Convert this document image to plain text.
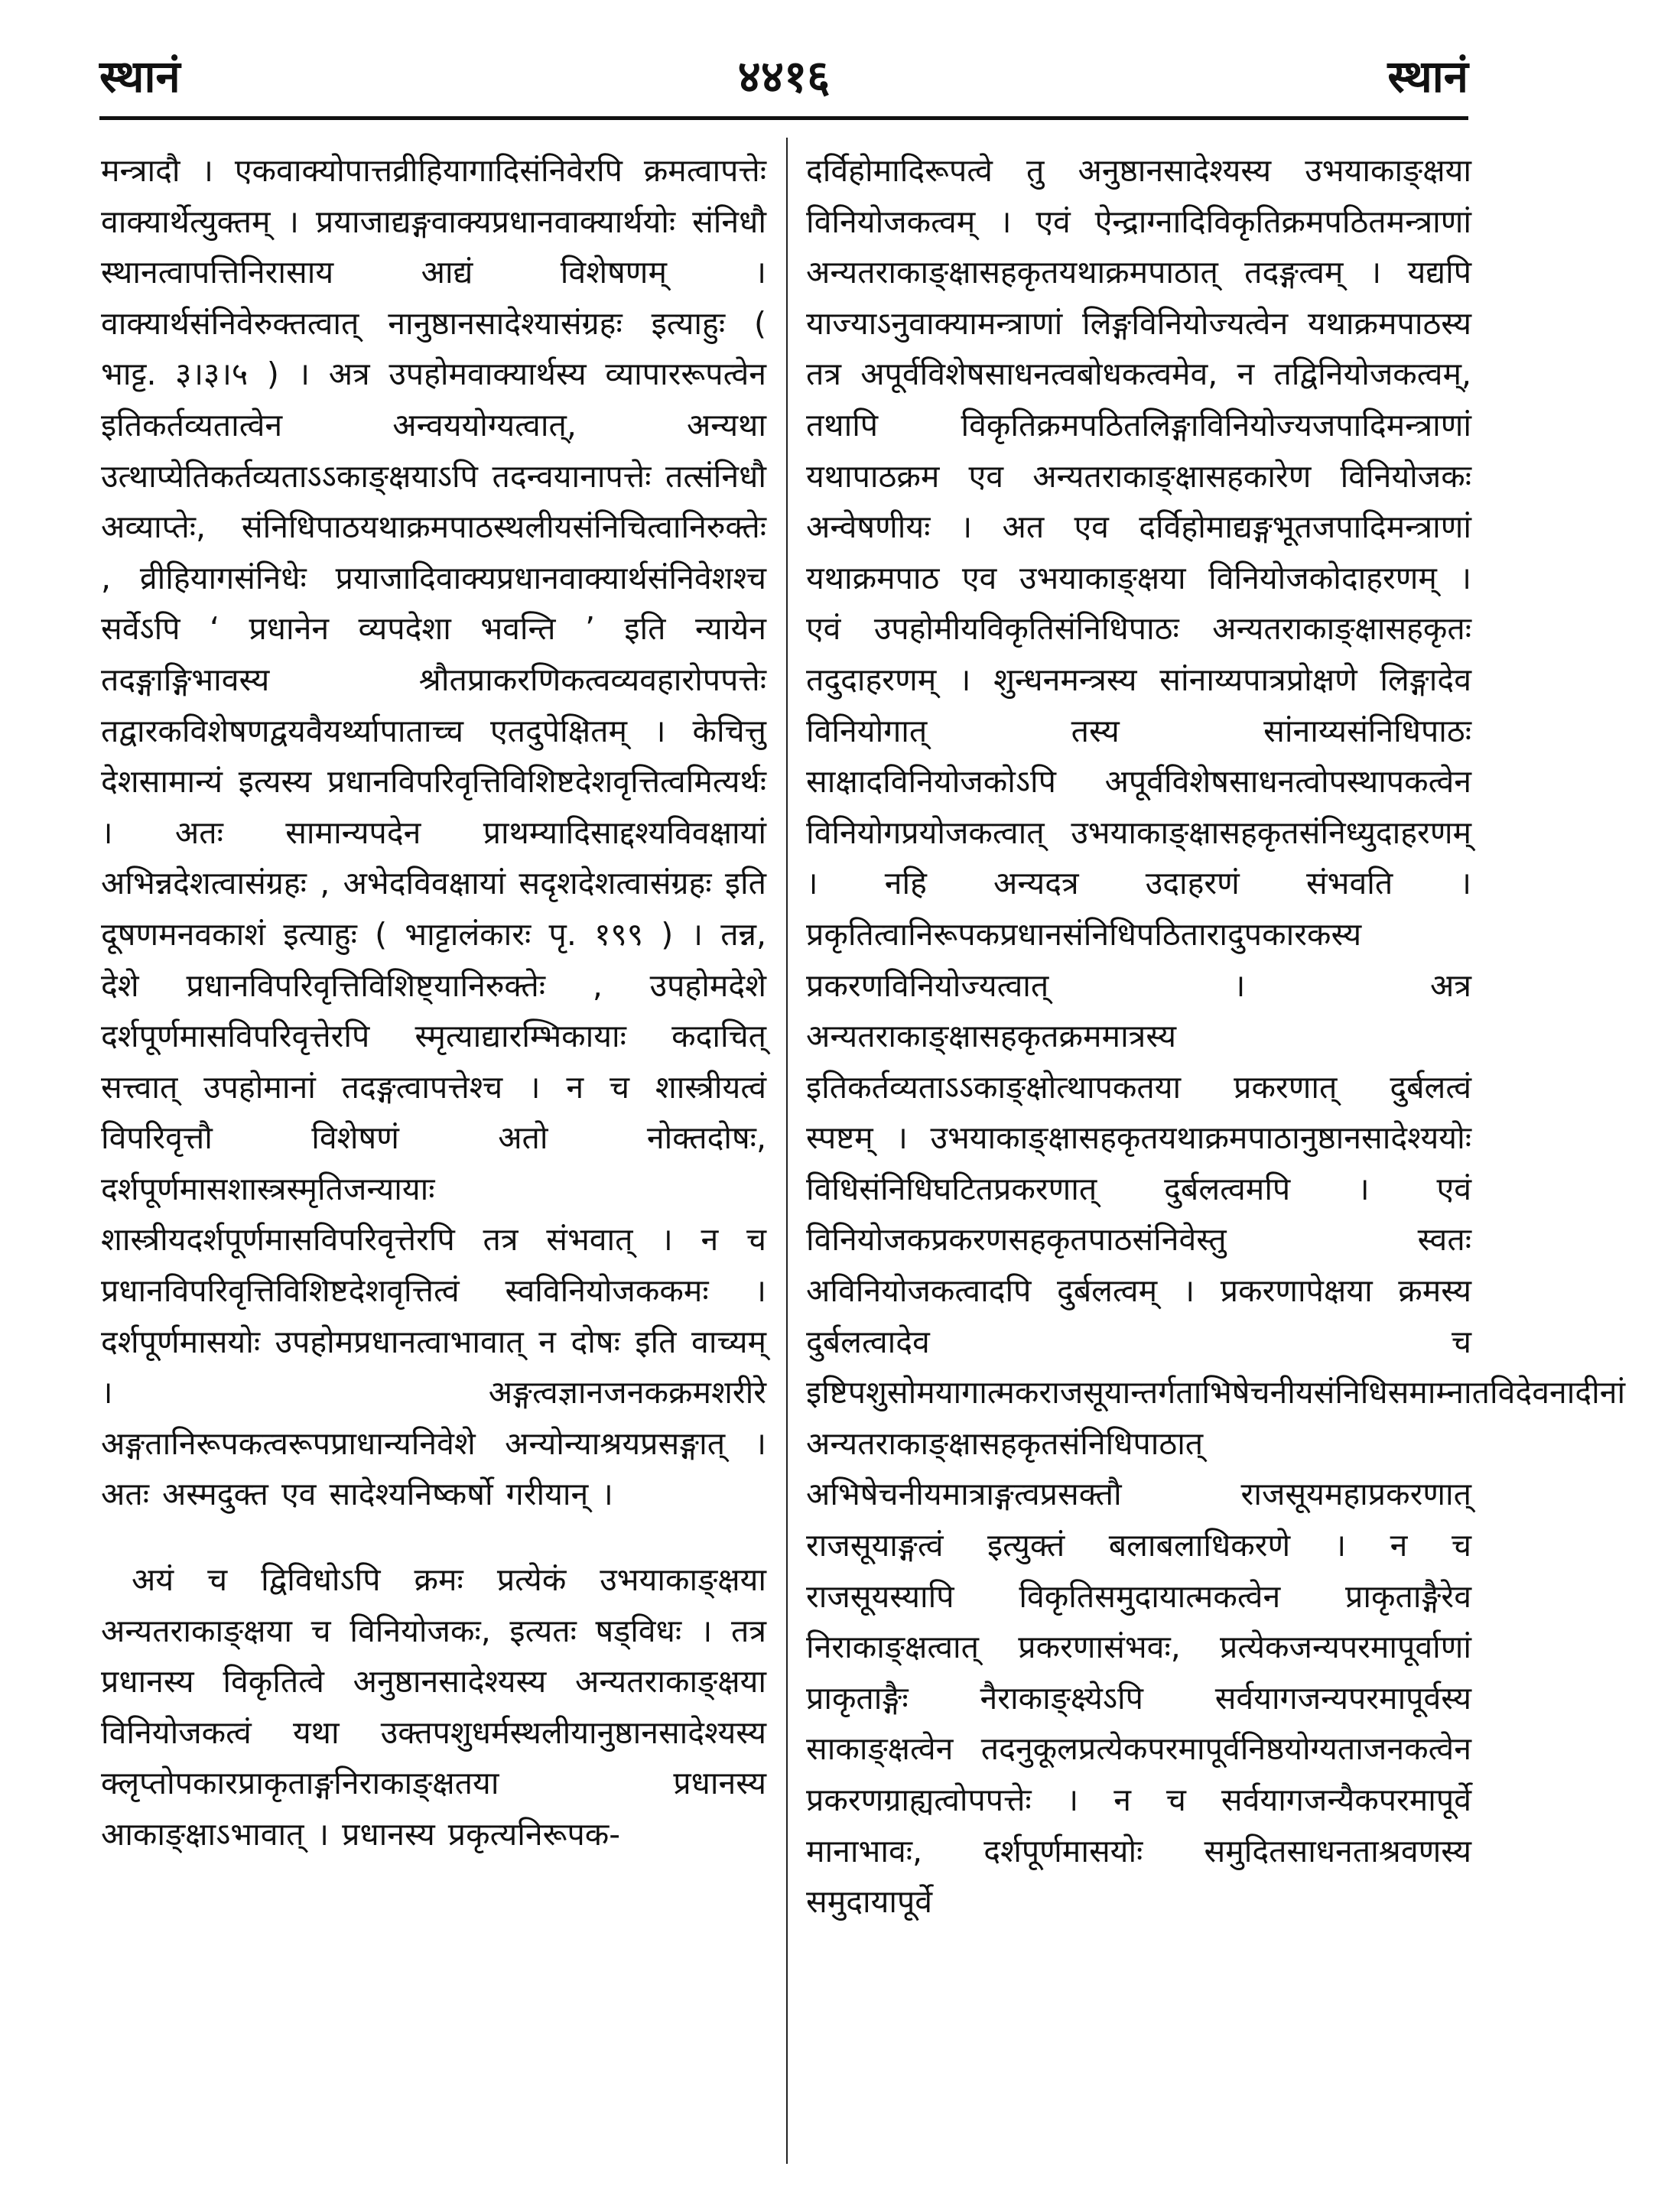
स्थानं	४४१६	स्थानं

मन्त्रादौ । एकवाक्योपात्तव्रीहियागादिसंनिवेरपि क्रमत्वापत्तेः वाक्यार्थेत्युक्तम् । प्रयाजाद्यङ्गवाक्यप्रधानवाक्यार्थयोः संनिधौ स्थानत्वापत्तिनिरासाय आद्यं विशेषणम् । वाक्यार्थसंनिवेरुक्तत्वात् नानुष्ठानसादेश्यासंग्रहः इत्याहुः ( भाट्ट. ३।३।५ ) । अत्र उपहोमवाक्यार्थस्य व्यापाररूपत्वेन इतिकर्तव्यतात्वेन अन्वययोग्यत्वात्, अन्यथा उत्थाप्येतिकर्तव्यताऽऽकाङ्क्षयाऽपि तदन्वयानापत्तेः तत्संनिधौ अव्याप्तेः, संनिधिपाठयथाक्रमपाठस्थलीयसंनिचित्वानिरुक्तेः , व्रीहियागसंनिधेः प्रयाजादिवाक्यप्रधानवाक्यार्थसंनिवेशश्च सर्वेऽपि ‘ प्रधानेन व्यपदेशा भवन्ति ’ इति न्यायेन तदङ्गाङ्गिभावस्य श्रौतप्राकरणिकत्वव्यवहारोपपत्तेः तद्वारकविशेषणद्वयवैयर्थ्यापाताच्च एतदुपेक्षितम् । केचित्तु देशसामान्यं इत्यस्य प्रधानविपरिवृत्तिविशिष्टदेशवृत्तित्वमित्यर्थः । अतः सामान्यपदेन प्राथम्यादिसाद्दश्यविवक्षायां अभिन्नदेशत्वासंग्रहः , अभेदविवक्षायां सदृशदेशत्वासंग्रहः इति दूषणमनवकाशं इत्याहुः ( भाट्टालंकारः पृ. १९९ ) । तन्न, देशे प्रधानविपरिवृत्तिविशिष्ट्यानिरुक्तेः , उपहोमदेशे दर्शपूर्णमासविपरिवृत्तेरपि स्मृत्याद्यारम्भिकायाः कदाचित् सत्त्वात् उपहोमानां तदङ्गत्वापत्तेश्च । न च शास्त्रीयत्वं विपरिवृत्तौ विशेषणं अतो नोक्तदोषः, दर्शपूर्णमासशास्त्रस्मृतिजन्यायाः शास्त्रीयदर्शपूर्णमासविपरिवृत्तेरपि तत्र संभवात् । न च प्रधानविपरिवृत्तिविशिष्टदेशवृत्तित्वं स्वविनियोजककमः । दर्शपूर्णमासयोः उपहोमप्रधानत्वाभावात् न दोषः इति वाच्यम् । अङ्गत्वज्ञानजनकक्रमशरीरे अङ्गतानिरूपकत्वरूपप्राधान्यनिवेशे अन्योन्याश्रयप्रसङ्गात् । अतः अस्मदुक्त एव सादेश्यनिष्कर्षो गरीयान् ।

अयं च द्विविधोऽपि क्रमः प्रत्येकं उभयाकाङ्क्षया अन्यतराकाङ्क्षया च विनियोजकः, इत्यतः षड्विधः । तत्र प्रधानस्य विकृतित्वे अनुष्ठानसादेश्यस्य अन्यतराकाङ्क्षया विनियोजकत्वं यथा उक्तपशुधर्मस्थलीयानुष्ठानसादेश्यस्य क्लृप्तोपकारप्राकृताङ्गनिराकाङ्क्षतया प्रधानस्य आकाङ्क्षाऽभावात् । प्रधानस्य प्रकृत्यनिरूपक-

दर्विहोमादिरूपत्वे तु अनुष्ठानसादेश्यस्य उभयाकाङ्क्षया विनियोजकत्वम् । एवं ऐन्द्राग्नादिविकृतिक्रमपठितमन्त्राणां अन्यतराकाङ्क्षासहकृतयथाक्रमपाठात् तदङ्गत्वम् । यद्यपि याज्याऽनुवाक्यामन्त्राणां लिङ्गविनियोज्यत्वेन यथाक्रमपाठस्य तत्र अपूर्वविशेषसाधनत्वबोधकत्वमेव, न तद्विनियोजकत्वम्, तथापि विकृतिक्रमपठितलिङ्गाविनियोज्यजपादिमन्त्राणां यथापाठक्रम एव अन्यतराकाङ्क्षासहकारेण विनियोजकः अन्वेषणीयः । अत एव दर्विहोमाद्यङ्गभूतजपादिमन्त्राणां यथाक्रमपाठ एव उभयाकाङ्क्षया विनियोजकोदाहरणम् । एवं उपहोमीयविकृतिसंनिधिपाठः अन्यतराकाङ्क्षासहकृतः तदुदाहरणम् । शुन्धनमन्त्रस्य सांनाय्यपात्रप्रोक्षणे लिङ्गादेव विनियोगात् तस्य सांनाय्यसंनिधिपाठः साक्षादविनियोजकोऽपि अपूर्वविशेषसाधनत्वोपस्थापकत्वेन विनियोगप्रयोजकत्वात् उभयाकाङ्क्षासहकृतसंनिध्युदाहरणम् । नहि अन्यदत्र उदाहरणं संभवति । प्रकृतित्वानिरूपकप्रधानसंनिधिपठितारादुपकारकस्य प्रकरणविनियोज्यत्वात् । अत्र अन्यतराकाङ्क्षासहकृतक्रममात्रस्य इतिकर्तव्यताऽऽकाङ्क्षोत्थापकतया प्रकरणात् दुर्बलत्वं स्पष्टम् । उभयाकाङ्क्षासहकृतयथाक्रमपाठानुष्ठानसादेश्ययोः विधिसंनिधिघटितप्रकरणात् दुर्बलत्वमपि । एवं विनियोजकप्रकरणसहकृतपाठसंनिवेस्तु स्वतः अविनियोजकत्वादपि दुर्बलत्वम् । प्रकरणापेक्षया क्रमस्य दुर्बलत्वादेव च इष्टिपशुसोमयागात्मकराजसूयान्तर्गताभिषेचनीयसंनिधिसमाम्नातविदेवनादीनां अन्यतराकाङ्क्षासहकृतसंनिधिपाठात् अभिषेचनीयमात्राङ्गत्वप्रसक्तौ राजसूयमहाप्रकरणात् राजसूयाङ्गत्वं इत्युक्तं बलाबलाधिकरणे । न च राजसूयस्यापि विकृतिसमुदायात्मकत्वेन प्राकृताङ्गैरेव निराकाङ्क्षत्वात् प्रकरणासंभवः, प्रत्येकजन्यपरमापूर्वाणां प्राकृताङ्गैः नैराकाङ्क्ष्येऽपि सर्वयागजन्यपरमापूर्वस्य साकाङ्क्षत्वेन तदनुकूलप्रत्येकपरमापूर्वनिष्ठयोग्यताजनकत्वेन प्रकरणग्राह्यत्वोपपत्तेः । न च सर्वयागजन्यैकपरमापूर्वे मानाभावः, दर्शपूर्णमासयोः समुदितसाधनताश्रवणस्य समुदायापूर्वे
